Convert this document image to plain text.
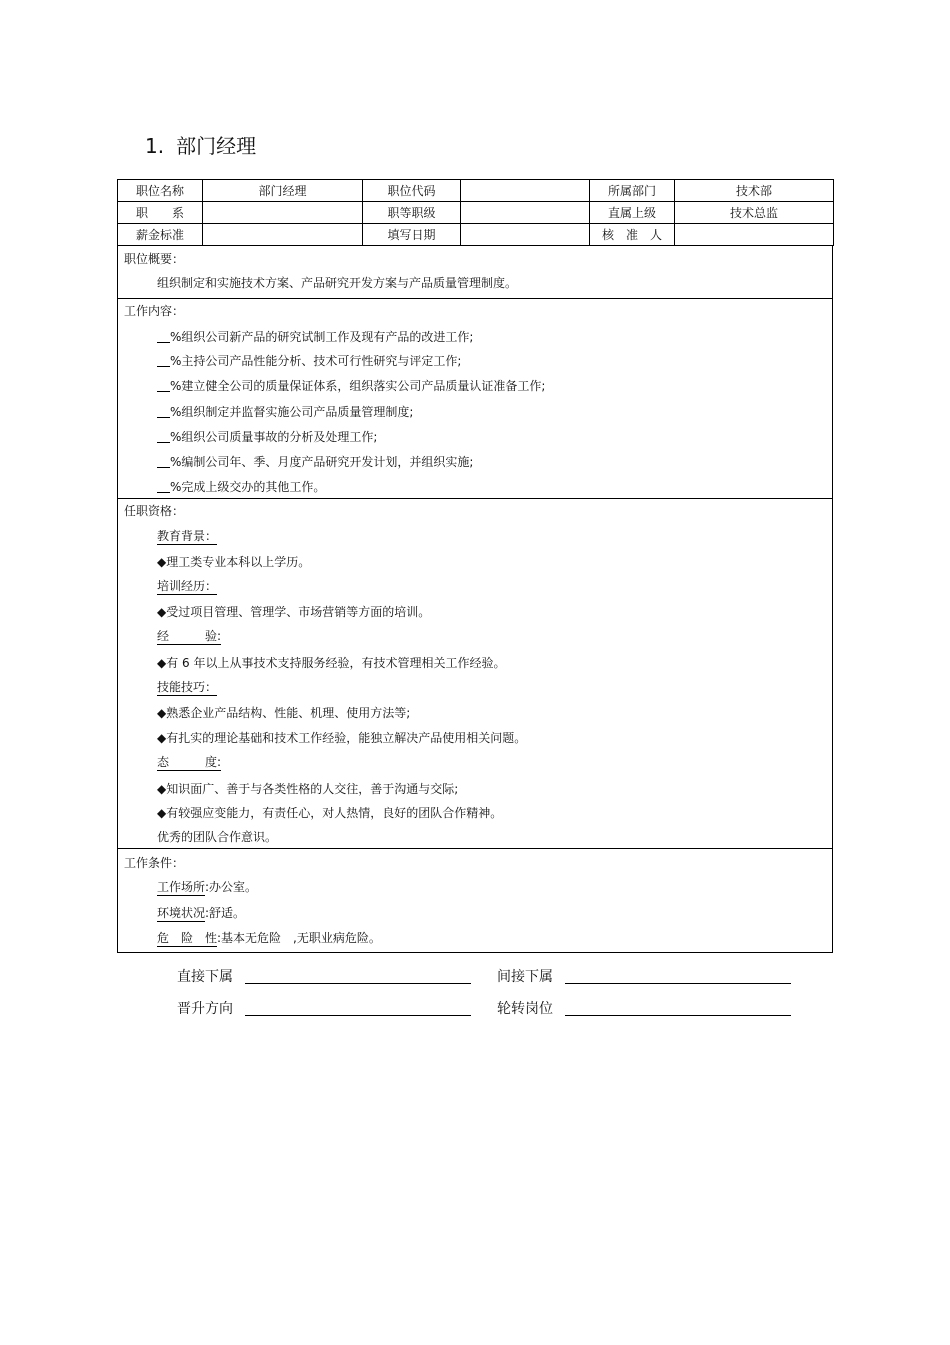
1. 部门经理
职位名称	部门经理	职位代码		所属部门	技术部
职　　系		职等职级		直属上级	技术总监
薪金标准		填写日期		核　准　人	
职位概要：
组织制定和实施技术方案、产品研究开发方案与产品质量管理制度。
工作内容：
%组织公司新产品的研究试制工作及现有产品的改进工作;
%主持公司产品性能分析、技术可行性研究与评定工作;
%建立健全公司的质量保证体系，组织落实公司产品质量认证准备工作;
%组织制定并监督实施公司产品质量管理制度;
%组织公司质量事故的分析及处理工作;
%编制公司年、季、月度产品研究开发计划，并组织实施;
%完成上级交办的其他工作。
任职资格：
教育背景：
◆理工类专业本科以上学历。
培训经历：
◆受过项目管理、管理学、市场营销等方面的培训。
经　　　验:
◆有 6 年以上从事技术支持服务经验，有技术管理相关工作经验。
技能技巧：
◆熟悉企业产品结构、性能、机理、使用方法等;
◆有扎实的理论基础和技术工作经验，能独立解决产品使用相关问题。
态　　　度:
◆知识面广、善于与各类性格的人交往，善于沟通与交际;
◆有较强应变能力，有责任心，对人热情，良好的团队合作精神。
优秀的团队合作意识。
工作条件：
工作场所:办公室。
环境状况:舒适。
危　险　性:基本无危险　,无职业病危险。
直接下属	间接下属
晋升方向	轮转岗位
